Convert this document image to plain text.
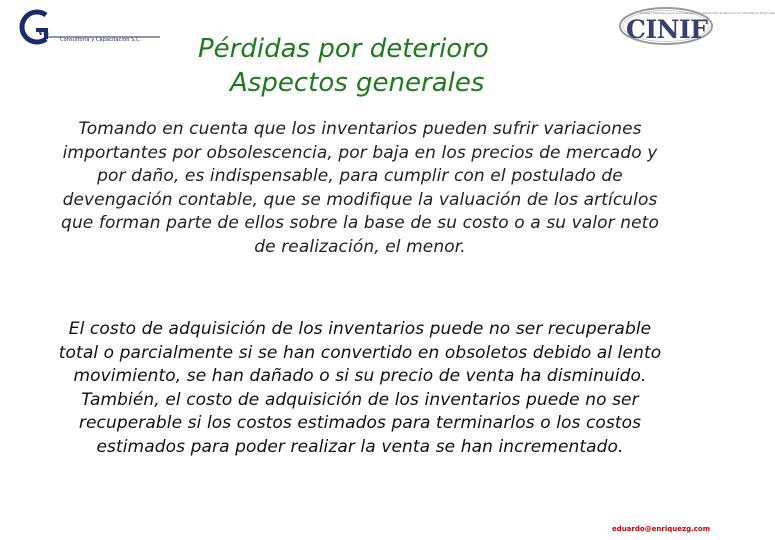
va
Consultoría y Capacitación S.C.
Consejo Mexicano para la Investigación y Desarrollo de Normas de Información Financiera
CINIF
Pérdidas por deterioro
Aspectos generales

Tomando en cuenta que los inventarios pueden sufrir variaciones importantes por obsolescencia, por baja en los precios de mercado y por daño, es indispensable, para cumplir con el postulado de devengación contable, que se modifique la valuación de los artículos que forman parte de ellos sobre la base de su costo o a su valor neto de realización, el menor.

El costo de adquisición de los inventarios puede no ser recuperable total o parcialmente si se han convertido en obsoletos debido al lento movimiento, se han dañado o si su precio de venta ha disminuido. También, el costo de adquisición de los inventarios puede no ser recuperable si los costos estimados para terminarlos o los costos estimados para poder realizar la venta se han incrementado.

eduardo@enriquezg.com
